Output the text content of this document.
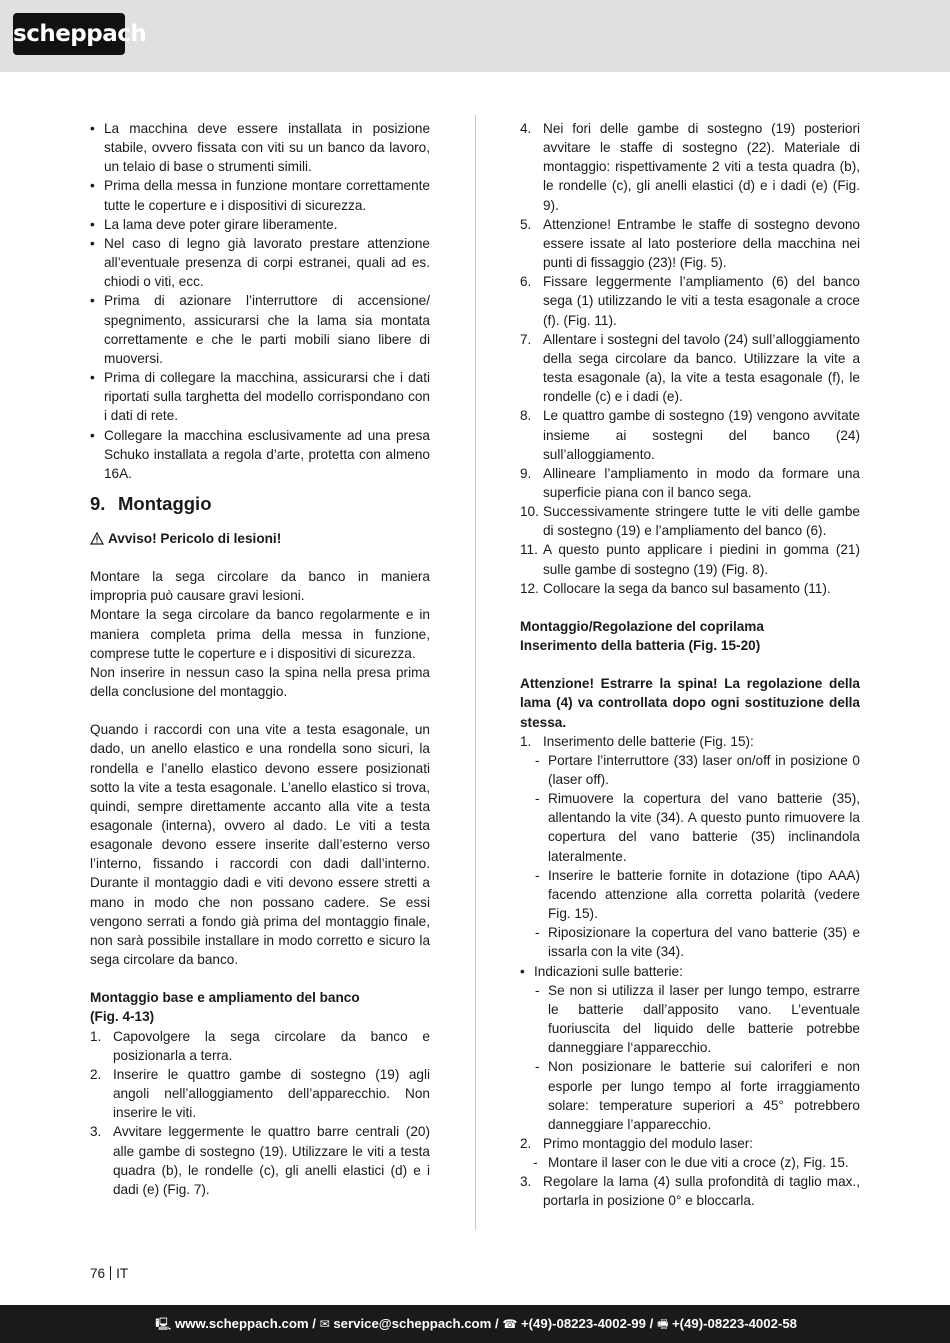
scheppach
• La macchina deve essere installata in posizione stabile, ovvero fissata con viti su un banco da lavoro, un telaio di base o strumenti simili.
• Prima della messa in funzione montare correttamente tutte le coperture e i dispositivi di sicurezza.
• La lama deve poter girare liberamente.
• Nel caso di legno già lavorato prestare attenzione all’eventuale presenza di corpi estranei, quali ad es. chiodi o viti, ecc.
• Prima di azionare l’interruttore di accensione/ spegnimento, assicurarsi che la lama sia montata correttamente e che le parti mobili siano libere di muoversi.
• Prima di collegare la macchina, assicurarsi che i dati riportati sulla targhetta del modello corrispondano con i dati di rete.
• Collegare la macchina esclusivamente ad una presa Schuko installata a regola d’arte, protetta con almeno 16A.
9. Montaggio
Avviso! Pericolo di lesioni!
Montare la sega circolare da banco in maniera impropria può causare gravi lesioni.
Montare la sega circolare da banco regolarmente e in maniera completa prima della messa in funzione, comprese tutte le coperture e i dispositivi di sicurezza.
Non inserire in nessun caso la spina nella presa prima della conclusione del montaggio.
Quando i raccordi con una vite a testa esagonale, un dado, un anello elastico e una rondella sono sicuri, la rondella e l’anello elastico devono essere posizionati sotto la vite a testa esagonale. L’anello elastico si trova, quindi, sempre direttamente accanto alla vite a testa esagonale (interna), ovvero al dado. Le viti a testa esagonale devono essere inserite dall’esterno verso l’interno, fissando i raccordi con dadi dall’interno. Durante il montaggio dadi e viti devono essere stretti a mano in modo che non possano cadere. Se essi vengono serrati a fondo già prima del montaggio finale, non sarà possibile installare in modo corretto e sicuro la sega circolare da banco.
Montaggio base e ampliamento del banco
(Fig. 4-13)
1. Capovolgere la sega circolare da banco e posizionarla a terra.
2. Inserire le quattro gambe di sostegno (19) agli angoli nell’alloggiamento dell’apparecchio. Non inserire le viti.
3. Avvitare leggermente le quattro barre centrali (20) alle gambe di sostegno (19). Utilizzare le viti a testa quadra (b), le rondelle (c), gli anelli elastici (d) e i dadi (e) (Fig. 7).
4. Nei fori delle gambe di sostegno (19) posteriori avvitare le staffe di sostegno (22). Materiale di montaggio: rispettivamente 2 viti a testa quadra (b), le rondelle (c), gli anelli elastici (d) e i dadi (e) (Fig. 9).
5. Attenzione! Entrambe le staffe di sostegno devono essere issate al lato posteriore della macchina nei punti di fissaggio (23)! (Fig. 5).
6. Fissare leggermente l’ampliamento (6) del banco sega (1) utilizzando le viti a testa esagonale a croce (f). (Fig. 11).
7. Allentare i sostegni del tavolo (24) sull’alloggiamento della sega circolare da banco. Utilizzare la vite a testa esagonale (a), la vite a testa esagonale (f), le rondelle (c) e i dadi (e).
8. Le quattro gambe di sostegno (19) vengono avvitate insieme ai sostegni del banco (24) sull’alloggiamento.
9. Allineare l’ampliamento in modo da formare una superficie piana con il banco sega.
10. Successivamente stringere tutte le viti delle gambe di sostegno (19) e l’ampliamento del banco (6).
11. A questo punto applicare i piedini in gomma (21) sulle gambe di sostegno (19) (Fig. 8).
12. Collocare la sega da banco sul basamento (11).
Montaggio/Regolazione del coprilama
Inserimento della batteria (Fig. 15-20)
Attenzione! Estrarre la spina! La regolazione della lama (4) va controllata dopo ogni sostituzione della stessa.
1. Inserimento delle batterie (Fig. 15):
- Portare l’interruttore (33) laser on/off in posizione 0 (laser off).
- Rimuovere la copertura del vano batterie (35), allentando la vite (34). A questo punto rimuovere la copertura del vano batterie (35) inclinandola lateralmente.
- Inserire le batterie fornite in dotazione (tipo AAA) facendo attenzione alla corretta polarità (vedere Fig. 15).
- Riposizionare la copertura del vano batterie (35) e issarla con la vite (34).
• Indicazioni sulle batterie:
- Se non si utilizza il laser per lungo tempo, estrarre le batterie dall’apposito vano. L’eventuale fuoriuscita del liquido delle batterie potrebbe danneggiare l‘apparecchio.
- Non posizionare le batterie sui caloriferi e non esporle per lungo tempo al forte irraggiamento solare: temperature superiori a 45° potrebbero danneggiare l’apparecchio.
2. Primo montaggio del modulo laser:
- Montare il laser con le due viti a croce (z), Fig. 15.
3. Regolare la lama (4) sulla profondità di taglio max., portarla in posizione 0° e bloccarla.
76 IT
🖳 www.scheppach.com / ✉ service@scheppach.com / ☎ +(49)-08223-4002-99 / 🖷 +(49)-08223-4002-58
